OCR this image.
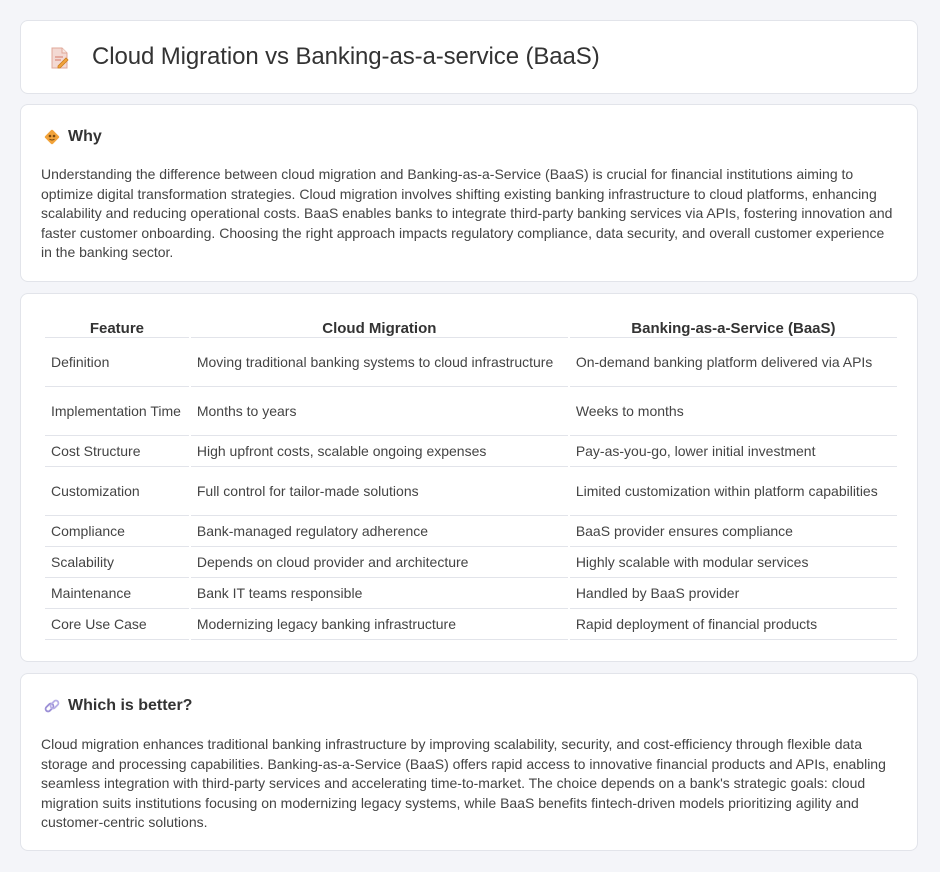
Cloud Migration vs Banking-as-a-service (BaaS)
Why

Understanding the difference between cloud migration and Banking-as-a-Service (BaaS) is crucial for financial institutions aiming to optimize digital transformation strategies. Cloud migration involves shifting existing banking infrastructure to cloud platforms, enhancing scalability and reducing operational costs. BaaS enables banks to integrate third-party banking services via APIs, fostering innovation and faster customer onboarding. Choosing the right approach impacts regulatory compliance, data security, and overall customer experience in the banking sector.

Feature	Cloud Migration	Banking-as-a-Service (BaaS)
Definition	Moving traditional banking systems to cloud infrastructure	On-demand banking platform delivered via APIs
Implementation Time	Months to years	Weeks to months
Cost Structure	High upfront costs, scalable ongoing expenses	Pay-as-you-go, lower initial investment
Customization	Full control for tailor-made solutions	Limited customization within platform capabilities
Compliance	Bank-managed regulatory adherence	BaaS provider ensures compliance
Scalability	Depends on cloud provider and architecture	Highly scalable with modular services
Maintenance	Bank IT teams responsible	Handled by BaaS provider
Core Use Case	Modernizing legacy banking infrastructure	Rapid deployment of financial products
Which is better?

Cloud migration enhances traditional banking infrastructure by improving scalability, security, and cost-efficiency through flexible data storage and processing capabilities. Banking-as-a-Service (BaaS) offers rapid access to innovative financial products and APIs, enabling seamless integration with third-party services and accelerating time-to-market. The choice depends on a bank's strategic goals: cloud migration suits institutions focusing on modernizing legacy systems, while BaaS benefits fintech-driven models prioritizing agility and customer-centric solutions.
